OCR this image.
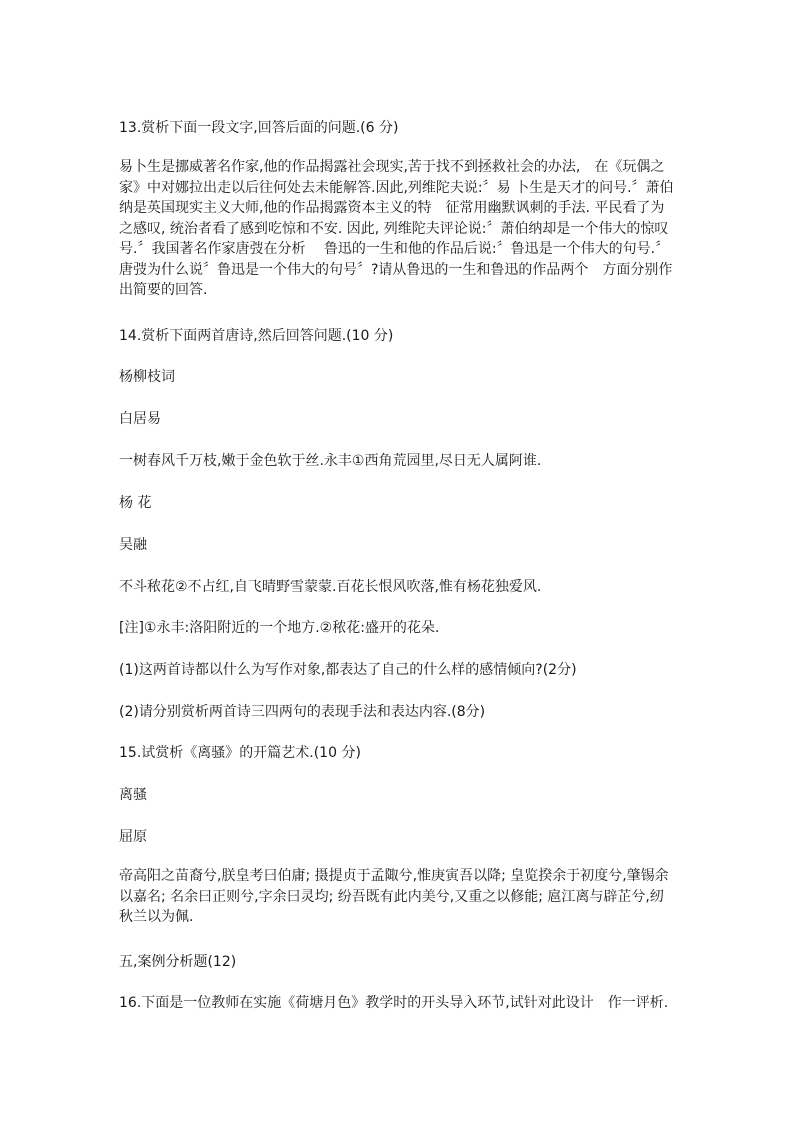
13.赏析下面一段文字,回答后面的问题.(6 分)

易卜生是挪威著名作家,他的作品揭露社会现实,苦于找不到拯救社会的办法,　在《玩偶之家》中对娜拉出走以后往何处去未能解答.因此,列维陀夫说:〞易 卜生是天才的问号.〞萧伯纳是英国现实主义大师,他的作品揭露资本主义的特　征常用幽默讽刺的手法. 平民看了为之感叹, 统治者看了感到吃惊和不安. 因此, 列维陀夫评论说:〞萧伯纳却是一个伟大的惊叹号.〞我国著名作家唐弢在分析 　鲁迅的一生和他的作品后说:〞鲁迅是一个伟大的句号.〞唐弢为什么说〞鲁迅是一个伟大的句号〞?请从鲁迅的一生和鲁迅的作品两个　方面分别作出简要的回答.

14.赏析下面两首唐诗,然后回答问题.(10 分)

杨柳枝词

白居易

一树春风千万枝,嫩于金色软于丝.永丰①西角荒园里,尽日无人属阿谁.

杨 花

吴融

不斗秾花②不占红,自飞晴野雪蒙蒙.百花长恨风吹落,惟有杨花独爱风.

[注]①永丰:洛阳附近的一个地方.②秾花:盛开的花朵.

(1)这两首诗都以什么为写作对象,都表达了自己的什么样的感情倾向?(2分)

(2)请分别赏析两首诗三四两句的表现手法和表达内容.(8分)

15.试赏析《离骚》的开篇艺术.(10 分)

离骚

屈原

帝高阳之苗裔兮,朕皇考曰伯庸; 摄提贞于孟陬兮,惟庚寅吾以降; 皇览揆余于初度兮,肇锡余以嘉名; 名余曰正则兮,字余曰灵均; 纷吾既有此内美兮,又重之以修能; 扈江离与辟芷兮,纫秋兰以为佩.

五,案例分析题(12)

16.下面是一位教师在实施《荷塘月色》教学时的开头导入环节,试针对此设计　作一评析.
